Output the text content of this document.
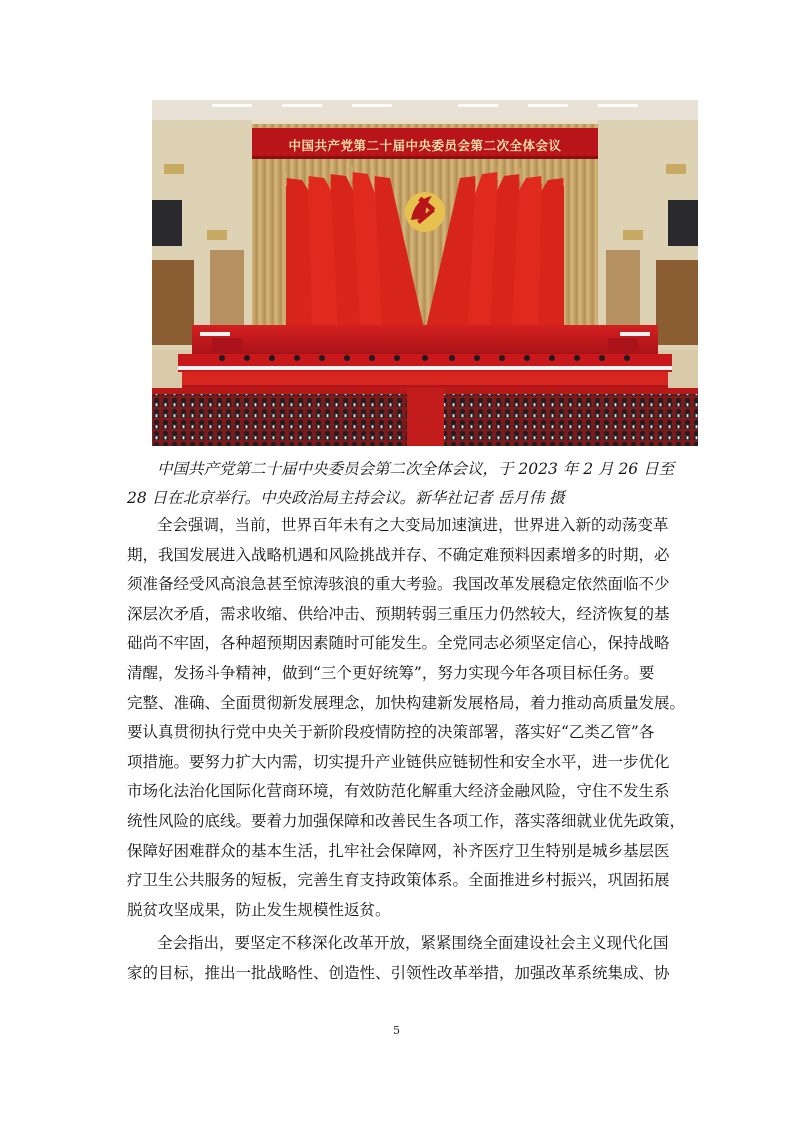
中国共产党第二十届中央委员会第二次全体会议

中国共产党第二十届中央委员会第二次全体会议，于 2023 年 2 月 26 日至

28 日在北京举行。中央政治局主持会议。新华社记者 岳月伟 摄

全会强调，当前，世界百年未有之大变局加速演进，世界进入新的动荡变革
期，我国发展进入战略机遇和风险挑战并存、不确定难预料因素增多的时期，必
须准备经受风高浪急甚至惊涛骇浪的重大考验。我国改革发展稳定依然面临不少
深层次矛盾，需求收缩、供给冲击、预期转弱三重压力仍然较大，经济恢复的基
础尚不牢固，各种超预期因素随时可能发生。全党同志必须坚定信心，保持战略
清醒，发扬斗争精神，做到“三个更好统筹”，努力实现今年各项目标任务。要
完整、准确、全面贯彻新发展理念，加快构建新发展格局，着力推动高质量发展。
要认真贯彻执行党中央关于新阶段疫情防控的决策部署，落实好“乙类乙管”各
项措施。要努力扩大内需，切实提升产业链供应链韧性和安全水平，进一步优化
市场化法治化国际化营商环境，有效防范化解重大经济金融风险，守住不发生系
统性风险的底线。要着力加强保障和改善民生各项工作，落实落细就业优先政策，
保障好困难群众的基本生活，扎牢社会保障网，补齐医疗卫生特别是城乡基层医
疗卫生公共服务的短板，完善生育支持政策体系。全面推进乡村振兴，巩固拓展
脱贫攻坚成果，防止发生规模性返贫。

全会指出，要坚定不移深化改革开放，紧紧围绕全面建设社会主义现代化国
家的目标，推出一批战略性、创造性、引领性改革举措，加强改革系统集成、协

5
